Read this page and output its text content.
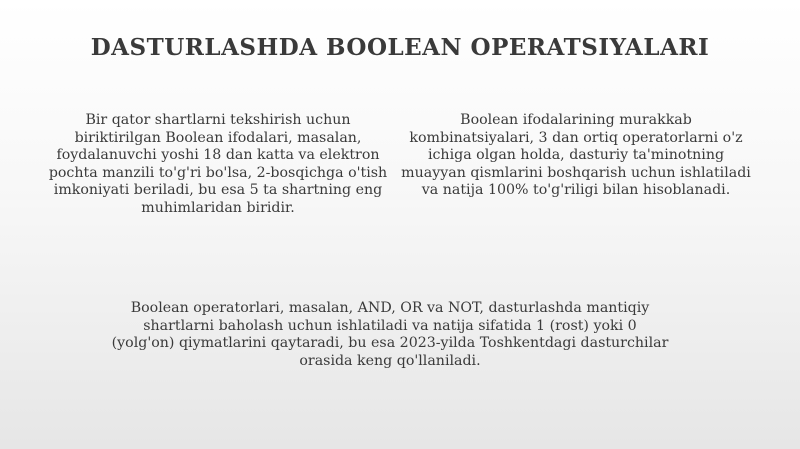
DASTURLASHDA BOOLEAN OPERATSIYALARI

Bir qator shartlarni tekshirish uchun biriktirilgan Boolean ifodalari, masalan, foydalanuvchi yoshi 18 dan katta va elektron pochta manzili to'g'ri bo'lsa, 2-bosqichga o'tish imkoniyati beriladi, bu esa 5 ta shartning eng muhimlaridan biridir.

Boolean ifodalarining murakkab kombinatsiyalari, 3 dan ortiq operatorlarni o'z ichiga olgan holda, dasturiy ta'minotning muayyan qismlarini boshqarish uchun ishlatiladi va natija 100% to'g'riligi bilan hisoblanadi.

Boolean operatorlari, masalan, AND, OR va NOT, dasturlashda mantiqiy shartlarni baholash uchun ishlatiladi va natija sifatida 1 (rost) yoki 0 (yolg'on) qiymatlarini qaytaradi, bu esa 2023-yilda Toshkentdagi dasturchilar orasida keng qo'llaniladi.
